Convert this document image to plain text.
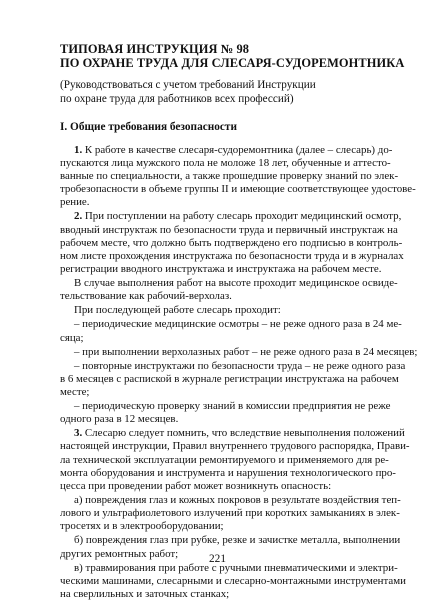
ТИПОВАЯ ИНСТРУКЦИЯ № 98
ПО ОХРАНЕ ТРУДА ДЛЯ СЛЕСАРЯ-СУДОРЕМОНТНИКА
(Руководствоваться с учетом требований Инструкции
по охране труда для работников всех профессий)
I. Общие требования безопасности
1. К работе в качестве слесаря-судоремонтника (далее – слесарь) до-
пускаются лица мужского пола не моложе 18 лет, обученные и аттесто-
ванные по специальности, а также прошедшие проверку знаний по элек-
тробезопасности в объеме группы II и имеющие соответствующее удостове-
рение.
2. При поступлении на работу слесарь проходит медицинский осмотр,
вводный инструктаж по безопасности труда и первичный инструктаж на
рабочем месте, что должно быть подтверждено его подписью в контроль-
ном листе прохождения инструктажа по безопасности труда и в журналах
регистрации вводного инструктажа и инструктажа на рабочем месте.
В случае выполнения работ на высоте проходит медицинское освиде-
тельствование как рабочий-верхолаз.
При последующей работе слесарь проходит:
– периодические медицинские осмотры – не реже одного раза в 24 ме-
сяца;
– при выполнении верхолазных работ – не реже одного раза в 24 месяцев;
– повторные инструктажи по безопасности труда – не реже одного раза
в 6 месяцев с распиской в журнале регистрации инструктажа на рабочем
месте;
– периодическую проверку знаний в комиссии предприятия не реже
одного раза в 12 месяцев.
3. Слесарю следует помнить, что вследствие невыполнения положений
настоящей инструкции, Правил внутреннего трудового распорядка, Прави-
ла технической эксплуатации ремонтируемого и применяемого для ре-
монта оборудования и инструмента и нарушения технологического про-
цесса при проведении работ может возникнуть опасность:
а) повреждения глаз и кожных покровов в результате воздействия теп-
лового и ультрафиолетового излучений при коротких замыканиях в элек-
тросетях и в электрооборудовании;
б) повреждения глаз при рубке, резке и зачистке металла, выполнении
других ремонтных работ;
в) травмирования при работе с ручными пневматическими и электри-
ческими машинами, слесарными и слесарно-монтажными инструментами
на сверлильных и заточных станках;
221
